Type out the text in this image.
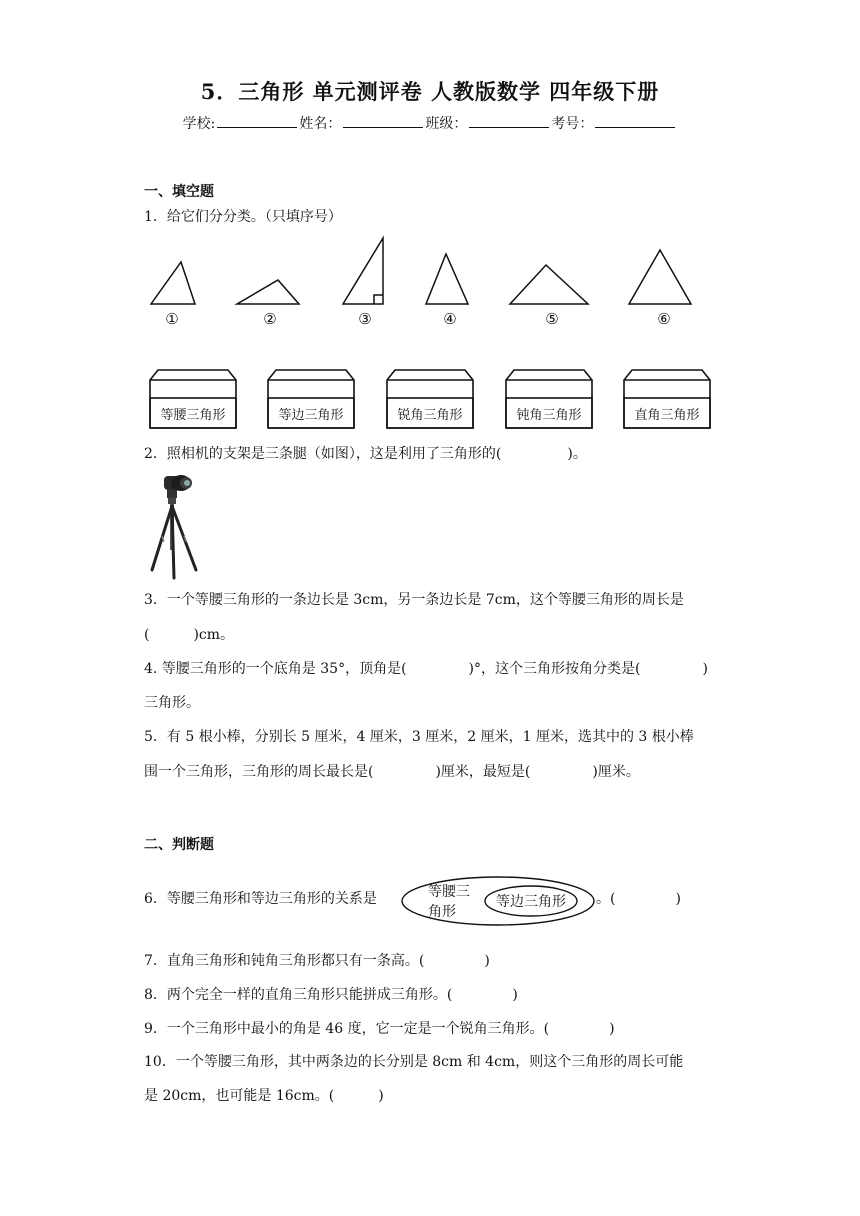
5．三角形 单元测评卷 人教版数学 四年级下册
学校:	姓名：	班级：	考号：
一、填空题
1．给它们分分类。（只填序号）
①	②	③	④	⑤	⑥
等腰三角形	等边三角形	锐角三角形	钝角三角形	直角三角形
2．照相机的支架是三条腿（如图），这是利用了三角形的(	)。
3．一个等腰三角形的一条边长是 3cm，另一条边长是 7cm，这个等腰三角形的周长是
(	)cm。
4. 等腰三角形的一个底角是 35°，顶角是(	)°，这个三角形按角分类是(	)
三角形。
5．有 5 根小棒，分别长 5 厘米，4 厘米，3 厘米，2 厘米，1 厘米，选其中的 3 根小棒
围一个三角形，三角形的周长最长是(	)厘米，最短是(	)厘米。
二、判断题
6．等腰三角形和等边三角形的关系是	等腰三
角形
等边三角形 。(	)
7．直角三角形和钝角三角形都只有一条高。(	)
8．两个完全一样的直角三角形只能拼成三角形。(	)
9．一个三角形中最小的角是 46 度，它一定是一个锐角三角形。(	)
10．一个等腰三角形，其中两条边的长分别是 8cm 和 4cm，则这个三角形的周长可能
是 20cm，也可能是 16cm。(	)
